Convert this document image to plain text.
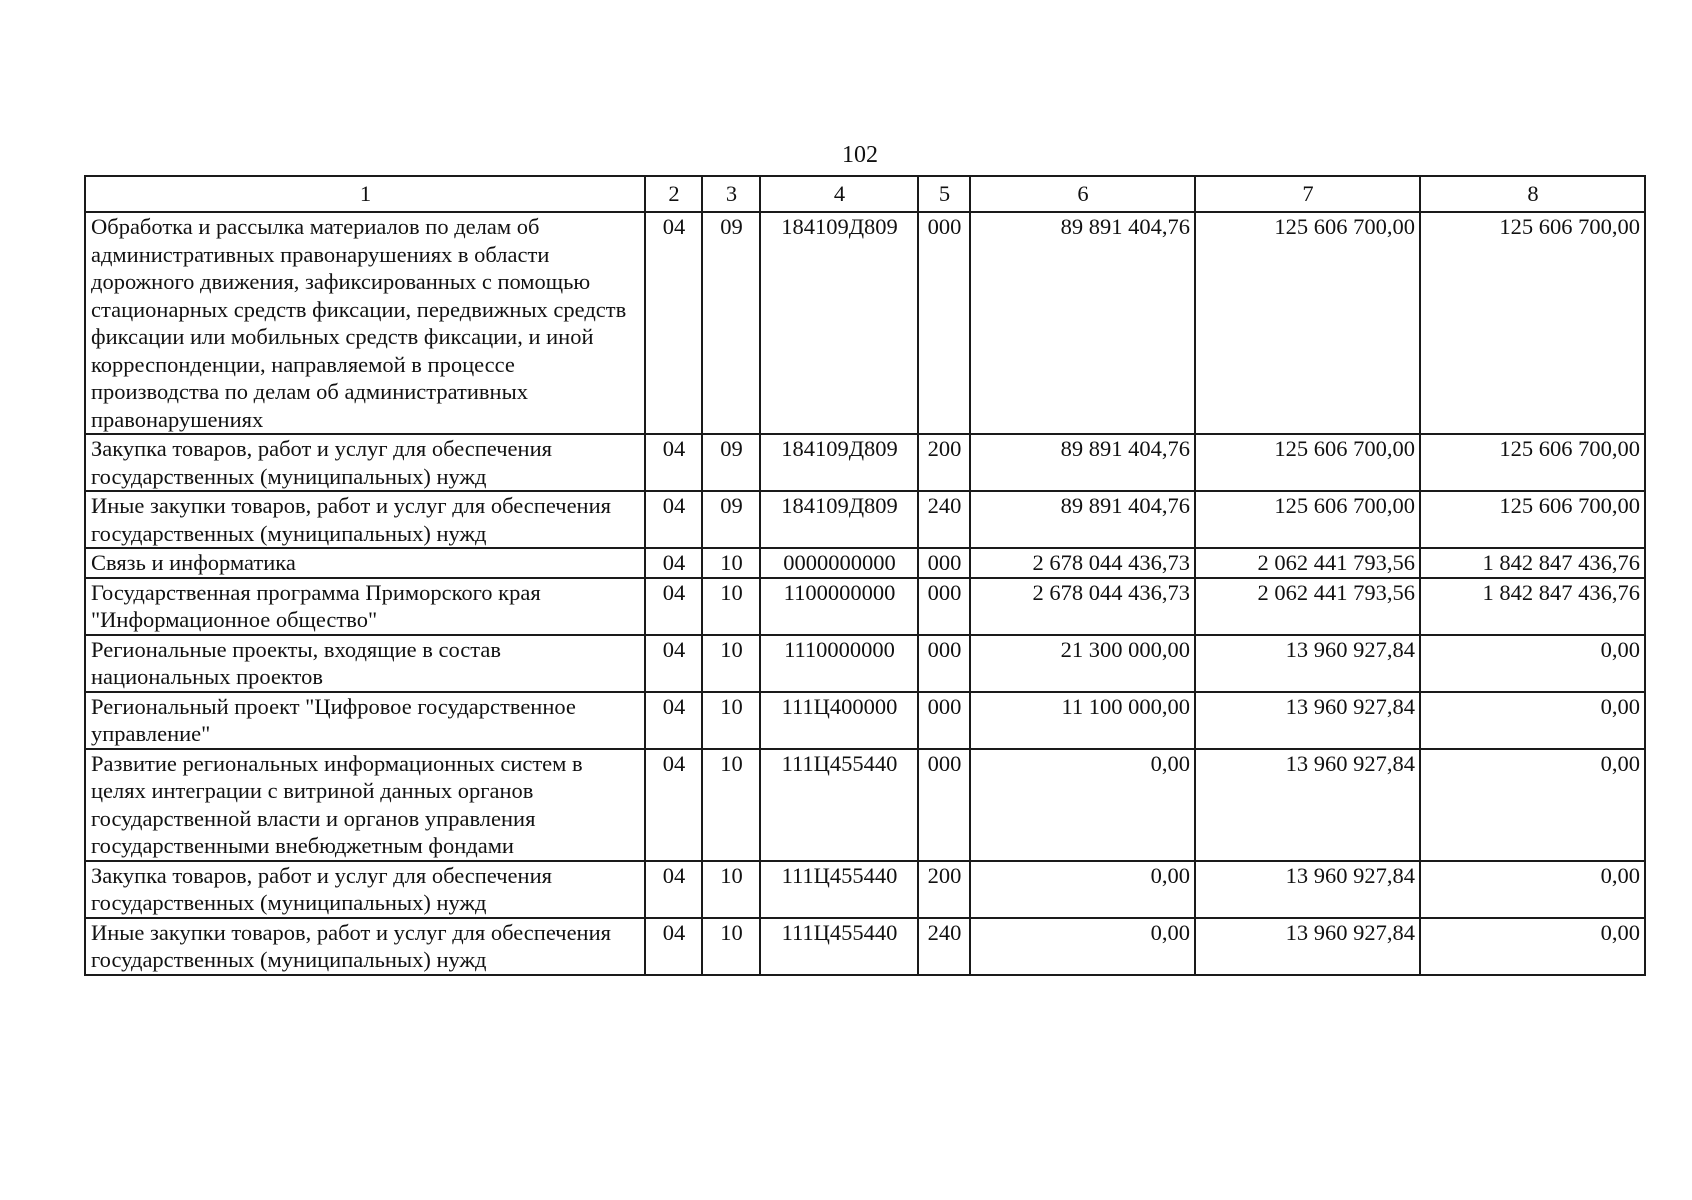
102
1	2	3	4	5	6	7	8
Обработка и рассылка материалов по делам об административных правонарушениях в области дорожного движения, зафиксированных с помощью стационарных средств фиксации, передвижных средств фиксации или мобильных средств фиксации, и иной корреспонденции, направляемой в процессе производства по делам об административных правонарушениях	04	09	184109Д809	000	89 891 404,76	125 606 700,00	125 606 700,00
Закупка товаров, работ и услуг для обеспечения государственных (муниципальных) нужд	04	09	184109Д809	200	89 891 404,76	125 606 700,00	125 606 700,00
Иные закупки товаров, работ и услуг для обеспечения государственных (муниципальных) нужд	04	09	184109Д809	240	89 891 404,76	125 606 700,00	125 606 700,00
Связь и информатика	04	10	0000000000	000	2 678 044 436,73	2 062 441 793,56	1 842 847 436,76
Государственная программа Приморского края "Информационное общество"	04	10	1100000000	000	2 678 044 436,73	2 062 441 793,56	1 842 847 436,76
Региональные проекты, входящие в состав национальных проектов	04	10	1110000000	000	21 300 000,00	13 960 927,84	0,00
Региональный проект "Цифровое государственное управление"	04	10	111Ц400000	000	11 100 000,00	13 960 927,84	0,00
Развитие региональных информационных систем в целях интеграции с витриной данных органов государственной власти и органов управления государственными внебюджетным фондами	04	10	111Ц455440	000	0,00	13 960 927,84	0,00
Закупка товаров, работ и услуг для обеспечения государственных (муниципальных) нужд	04	10	111Ц455440	200	0,00	13 960 927,84	0,00
Иные закупки товаров, работ и услуг для обеспечения государственных (муниципальных) нужд	04	10	111Ц455440	240	0,00	13 960 927,84	0,00
